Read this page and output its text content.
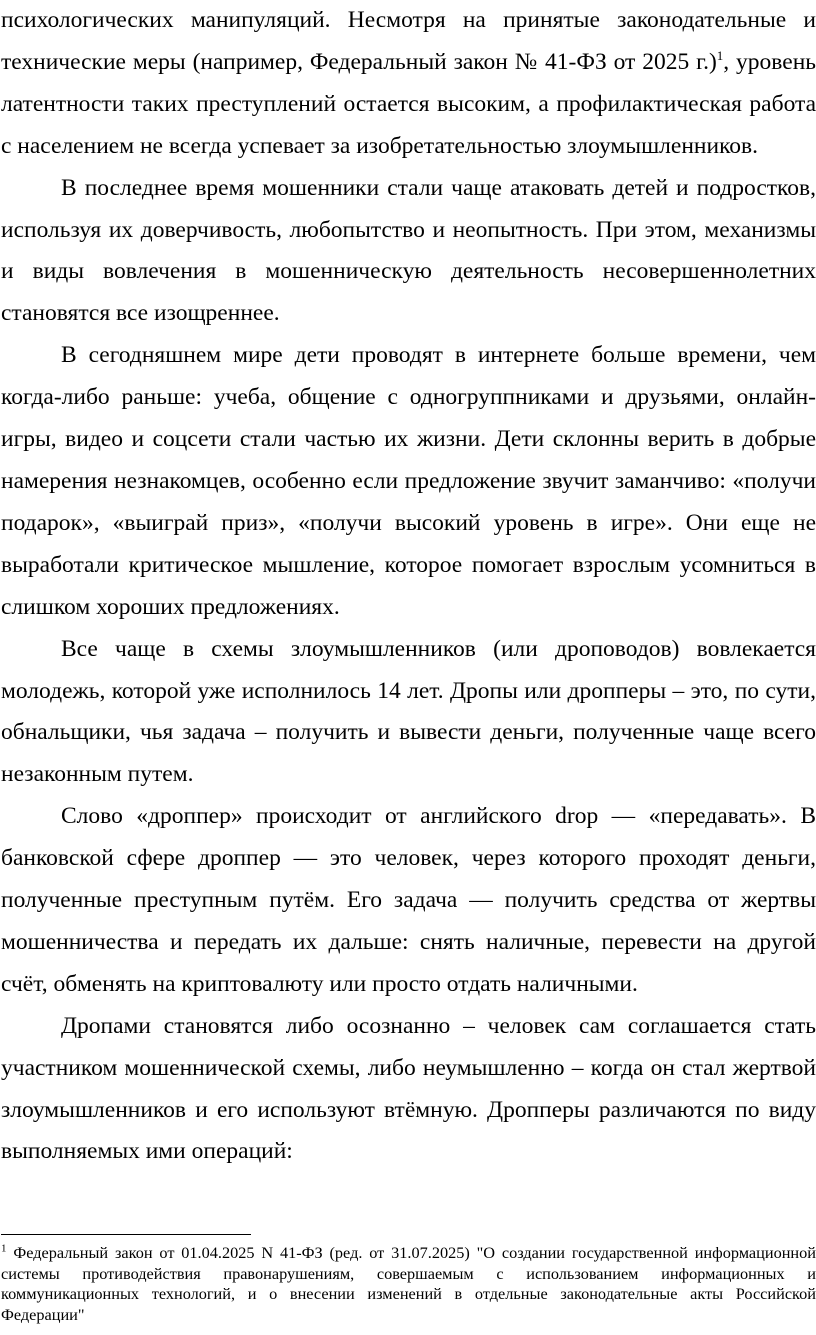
психологических манипуляций. Несмотря на принятые законодательные и технические меры (например, Федеральный закон № 41-ФЗ от 2025 г.)$^1$, уровень латентности таких преступлений остается высоким, а профилактическая работа с населением не всегда успевает за изобретательностью злоумышленников.

В последнее время мошенники стали чаще атаковать детей и подростков, используя их доверчивость, любопытство и неопытность. При этом, механизмы и виды вовлечения в мошенническую деятельность несовершеннолетних становятся все изощреннее.

В сегодняшнем мире дети проводят в интернете больше времени, чем когда-либо раньше: учеба, общение с одногруппниками и друзьями, онлайн-игры, видео и соцсети стали частью их жизни. Дети склонны верить в добрые намерения незнакомцев, особенно если предложение звучит заманчиво: «получи подарок», «выиграй приз», «получи высокий уровень в игре». Они еще не выработали критическое мышление, которое помогает взрослым усомниться в слишком хороших предложениях.

Все чаще в схемы злоумышленников (или дроповодов) вовлекается молодежь, которой уже исполнилось 14 лет. Дропы или дропперы – это, по сути, обнальщики, чья задача – получить и вывести деньги, полученные чаще всего незаконным путем.

Слово «дроппер» происходит от английского drop — «передавать». В банковской сфере дроппер — это человек, через которого проходят деньги, полученные преступным путём. Его задача — получить средства от жертвы мошенничества и передать их дальше: снять наличные, перевести на другой счёт, обменять на криптовалюту или просто отдать наличными.

Дропами становятся либо осознанно – человек сам соглашается стать участником мошеннической схемы, либо неумышленно – когда он стал жертвой злоумышленников и его используют втёмную. Дропперы различаются по виду выполняемых ими операций:

$^1$ Федеральный закон от 01.04.2025 N 41-ФЗ (ред. от 31.07.2025) "О создании государственной информационной системы противодействия правонарушениям, совершаемым с использованием информационных и коммуникационных технологий, и о внесении изменений в отдельные законодательные акты Российской Федерации"
